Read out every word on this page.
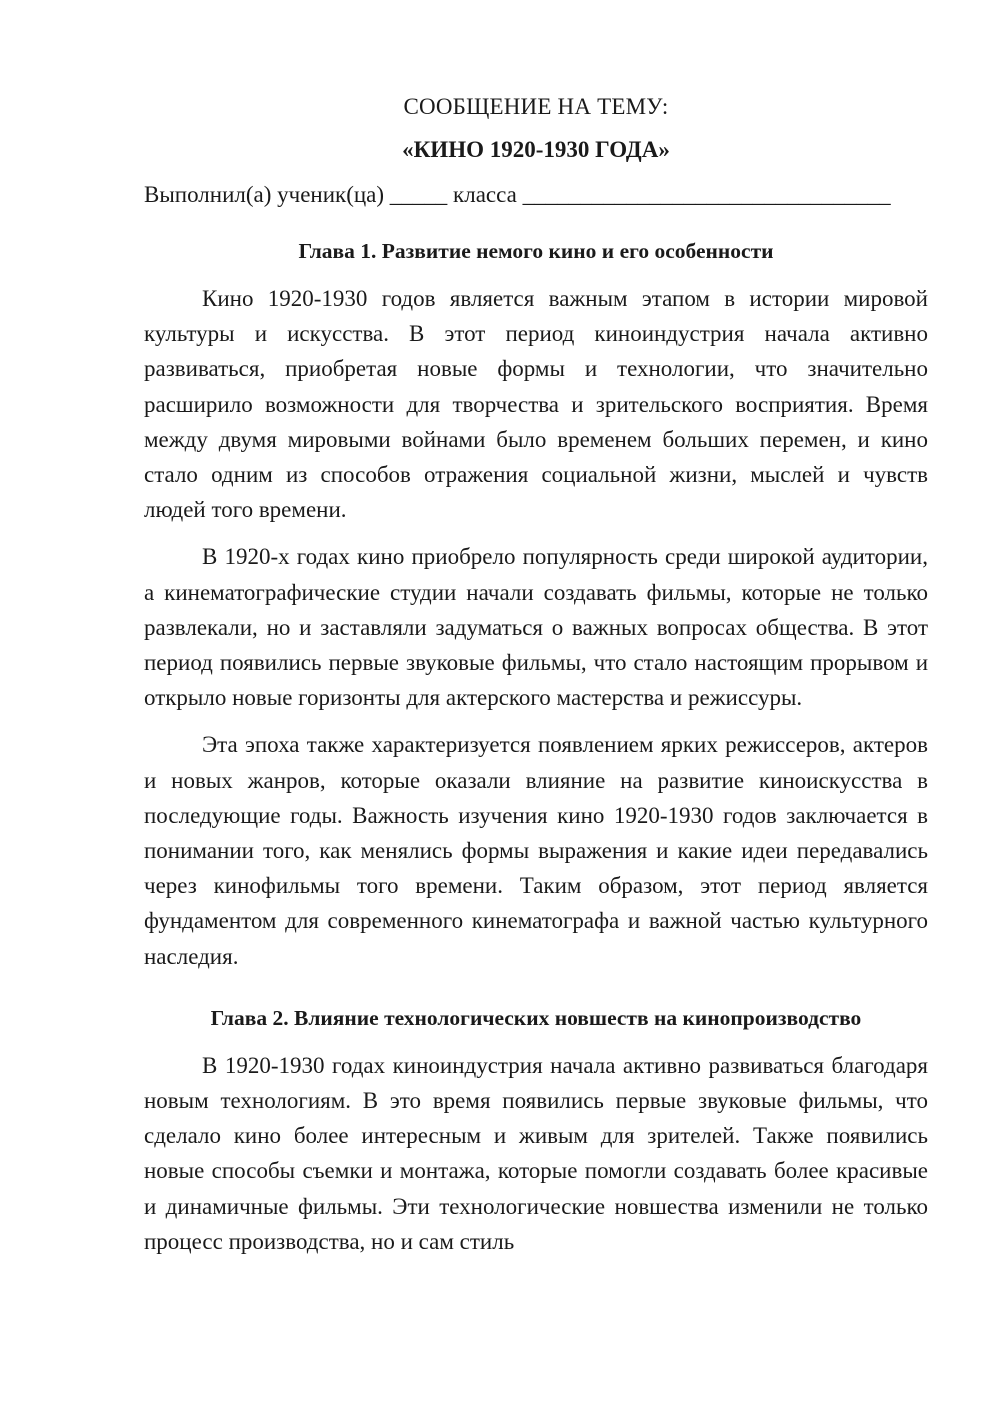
СООБЩЕНИЕ НА ТЕМУ:

«КИНО 1920-1930 ГОДА»

Выполнил(а) ученик(ца) _____ класса ________________________________

Глава 1. Развитие немого кино и его особенности

Кино 1920-1930 годов является важным этапом в истории мировой культуры и искусства. В этот период киноиндустрия начала активно развиваться, приобретая новые формы и технологии, что значительно расширило возможности для творчества и зрительского восприятия. Время между двумя мировыми войнами было временем больших перемен, и кино стало одним из способов отражения социальной жизни, мыслей и чувств людей того времени.

В 1920-х годах кино приобрело популярность среди широкой аудитории, а кинематографические студии начали создавать фильмы, которые не только развлекали, но и заставляли задуматься о важных вопросах общества. В этот период появились первые звуковые фильмы, что стало настоящим прорывом и открыло новые горизонты для актерского мастерства и режиссуры.

Эта эпоха также характеризуется появлением ярких режиссеров, актеров и новых жанров, которые оказали влияние на развитие киноискусства в последующие годы. Важность изучения кино 1920-1930 годов заключается в понимании того, как менялись формы выражения и какие идеи передавались через кинофильмы того времени. Таким образом, этот период является фундаментом для современного кинематографа и важной частью культурного наследия.

Глава 2. Влияние технологических новшеств на кинопроизводство

В 1920-1930 годах киноиндустрия начала активно развиваться благодаря новым технологиям. В это время появились первые звуковые фильмы, что сделало кино более интересным и живым для зрителей. Также появились новые способы съемки и монтажа, которые помогли создавать более красивые и динамичные фильмы. Эти технологические новшества изменили не только процесс производства, но и сам стиль
